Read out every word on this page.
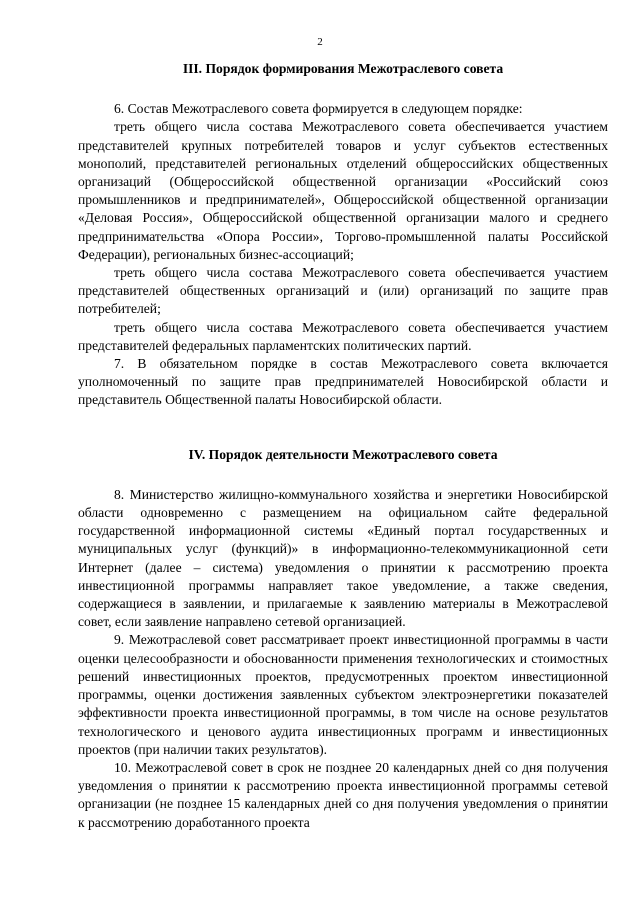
2
III. Порядок формирования Межотраслевого совета

6. Состав Межотраслевого совета формируется в следующем порядке:

треть общего числа состава Межотраслевого совета обеспечивается участием представителей крупных потребителей товаров и услуг субъектов естественных монополий, представителей региональных отделений общероссийских общественных организаций (Общероссийской общественной организации «Российский союз промышленников и предпринимателей», Общероссийской общественной организации «Деловая Россия», Общероссийской общественной организации малого и среднего предпринимательства «Опора России», Торгово-промышленной палаты Российской Федерации), региональных бизнес-ассоциаций;

треть общего числа состава Межотраслевого совета обеспечивается участием представителей общественных организаций и (или) организаций по защите прав потребителей;

треть общего числа состава Межотраслевого совета обеспечивается участием представителей федеральных парламентских политических партий.

7. В обязательном порядке в состав Межотраслевого совета включается уполномоченный по защите прав предпринимателей Новосибирской области и представитель Общественной палаты Новосибирской области.

IV. Порядок деятельности Межотраслевого совета

8. Министерство жилищно-коммунального хозяйства и энергетики Новосибирской области одновременно с размещением на официальном сайте федеральной государственной информационной системы «Единый портал государственных и муниципальных услуг (функций)» в информационно-телекоммуникационной сети Интернет (далее – система) уведомления о принятии к рассмотрению проекта инвестиционной программы направляет такое уведомление, а также сведения, содержащиеся в заявлении, и прилагаемые к заявлению материалы в Межотраслевой совет, если заявление направлено сетевой организацией.

9. Межотраслевой совет рассматривает проект инвестиционной программы в части оценки целесообразности и обоснованности применения технологических и стоимостных решений инвестиционных проектов, предусмотренных проектом инвестиционной программы, оценки достижения заявленных субъектом электроэнергетики показателей эффективности проекта инвестиционной программы, в том числе на основе результатов технологического и ценового аудита инвестиционных программ и инвестиционных проектов (при наличии таких результатов).

10. Межотраслевой совет в срок не позднее 20 календарных дней со дня получения уведомления о принятии к рассмотрению проекта инвестиционной программы сетевой организации (не позднее 15 календарных дней со дня получения уведомления о принятии к рассмотрению доработанного проекта
